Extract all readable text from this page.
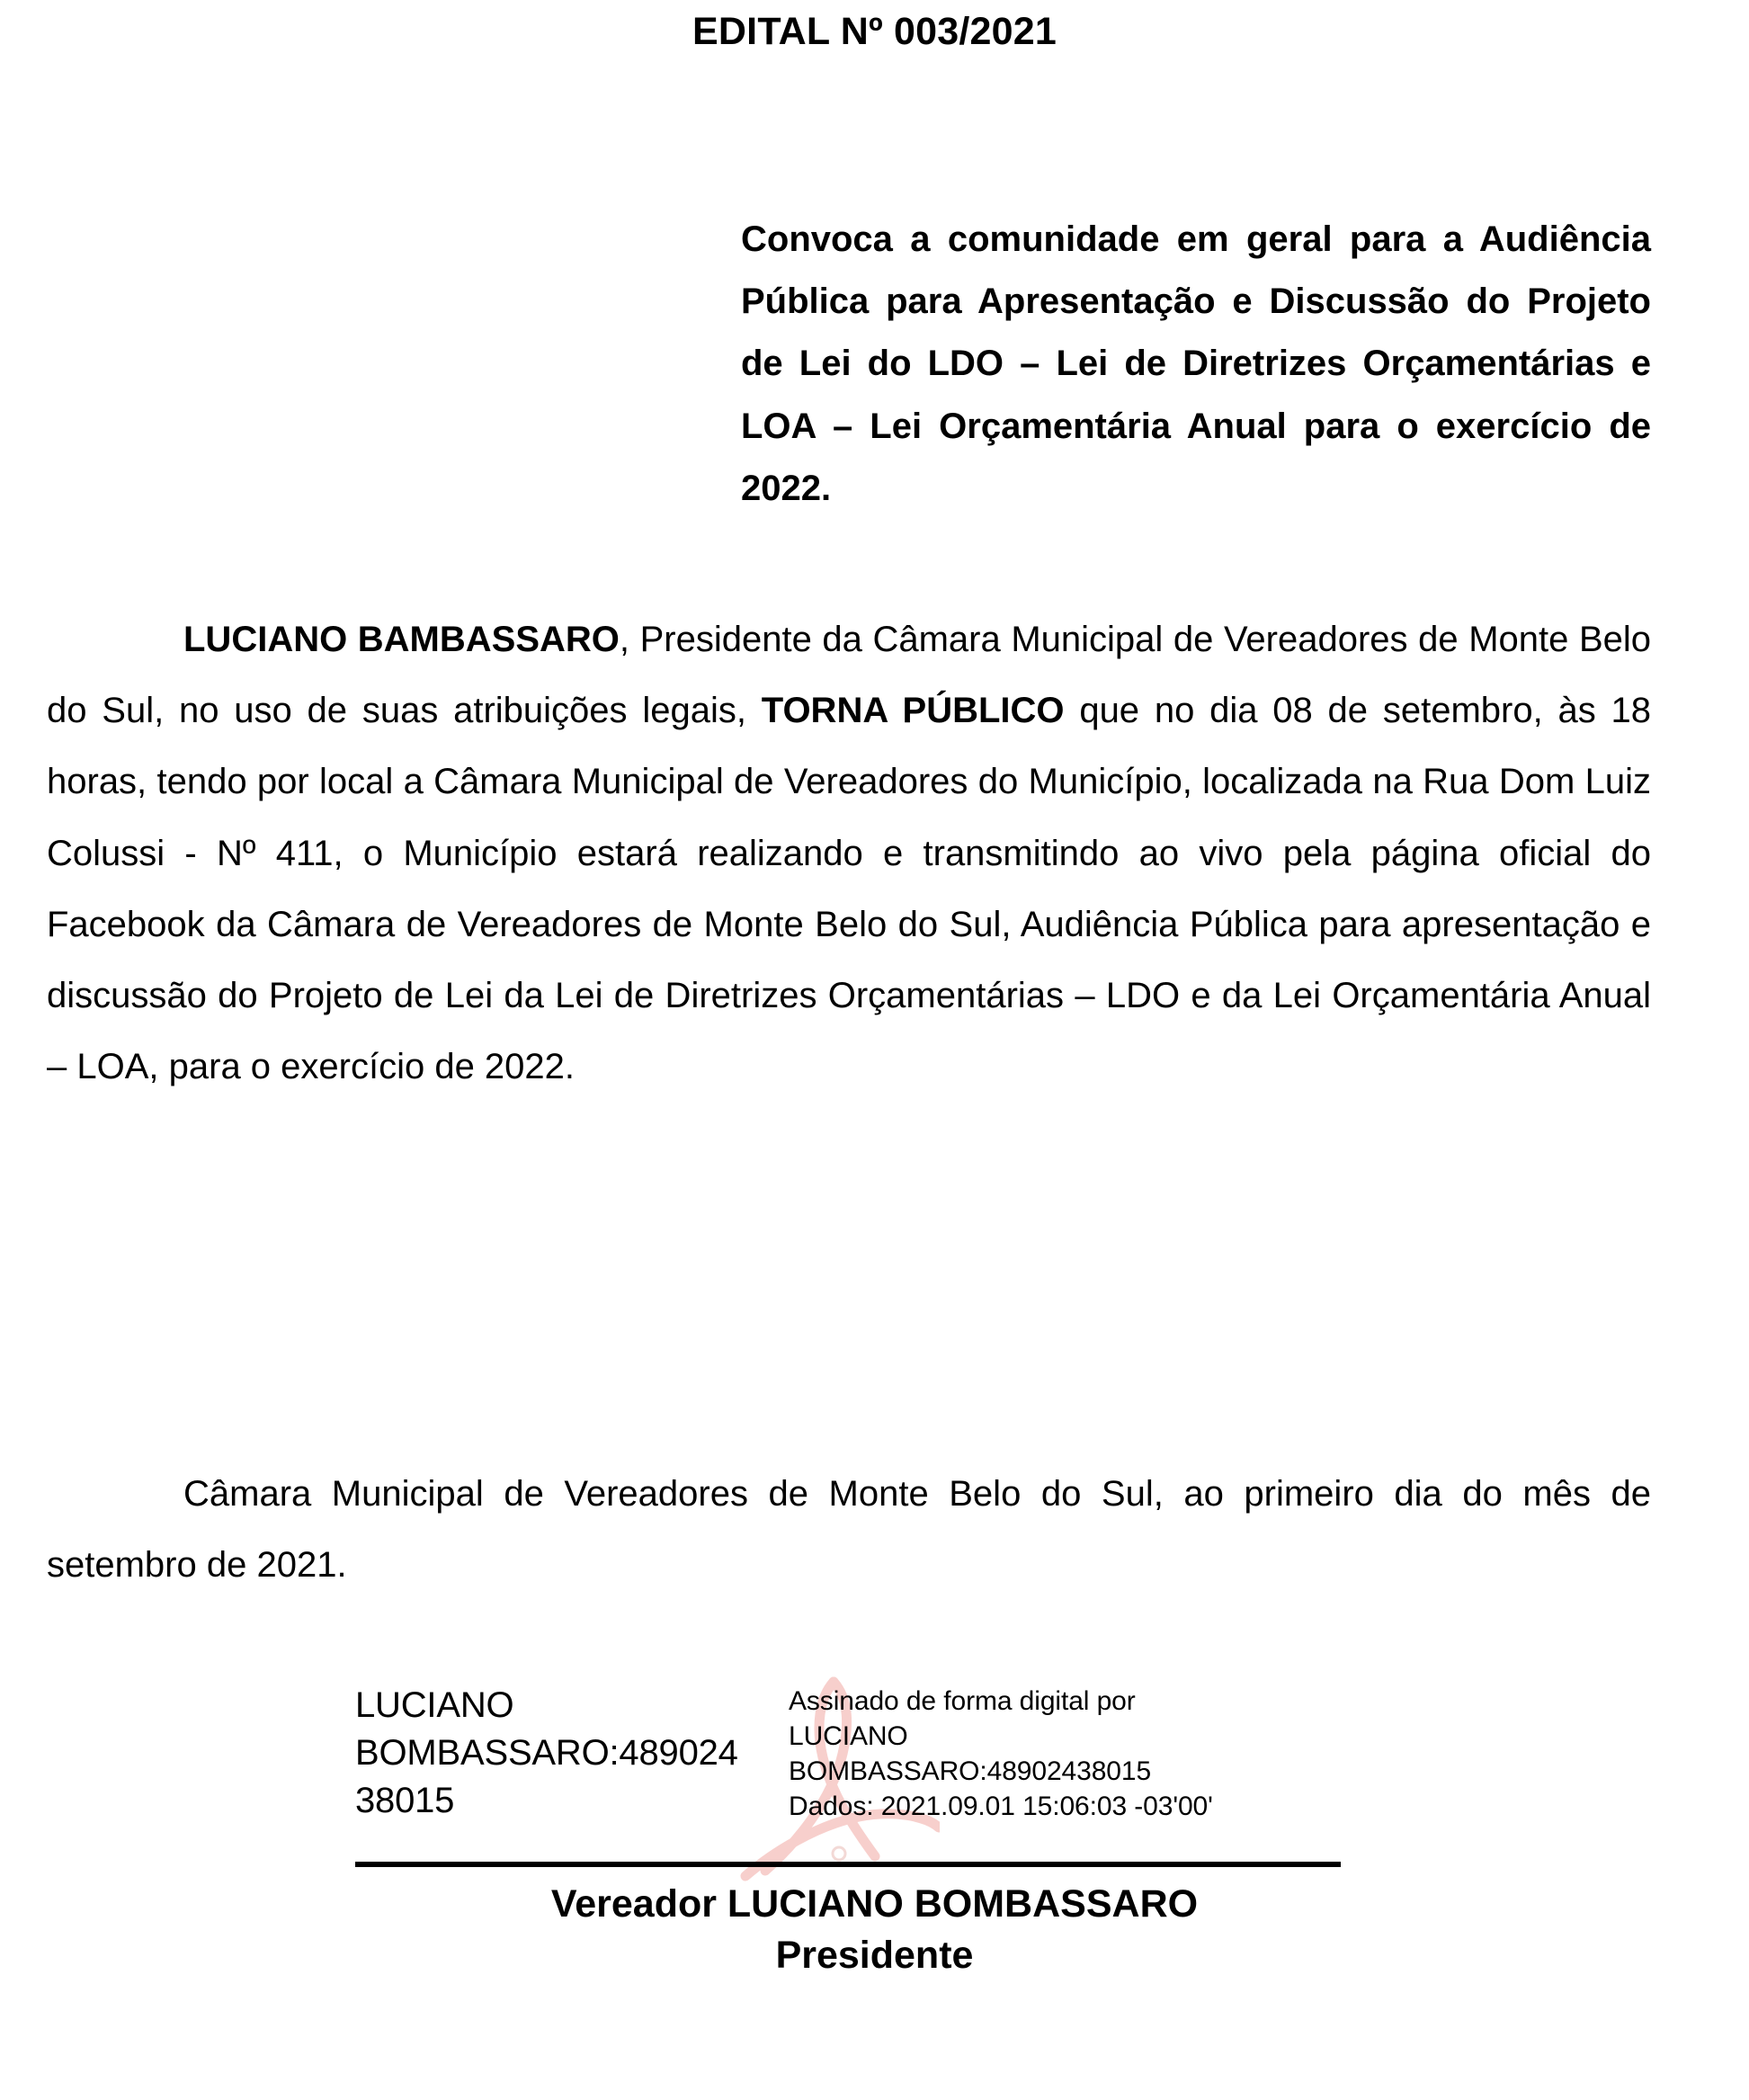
EDITAL Nº 003/2021
Convoca a comunidade em geral para a Audiência Pública para Apresentação e Discussão do Projeto de Lei do LDO – Lei de Diretrizes Orçamentárias e LOA – Lei Orçamentária Anual para o exercício de 2022.
LUCIANO BAMBASSARO, Presidente da Câmara Municipal de Vereadores de Monte Belo do Sul, no uso de suas atribuições legais, TORNA PÚBLICO que no dia 08 de setembro, às 18 horas, tendo por local a Câmara Municipal de Vereadores do Município, localizada na Rua Dom Luiz Colussi - Nº 411, o Município estará realizando e transmitindo ao vivo pela página oficial do Facebook da Câmara de Vereadores de Monte Belo do Sul, Audiência Pública para apresentação e discussão do Projeto de Lei da Lei de Diretrizes Orçamentárias – LDO e da Lei Orçamentária Anual – LOA, para o exercício de 2022.
Câmara Municipal de Vereadores de Monte Belo do Sul, ao primeiro dia do mês de setembro de 2021.
LUCIANO
BOMBASSARO:489024
38015
Assinado de forma digital por
LUCIANO
BOMBASSARO:48902438015
Dados: 2021.09.01 15:06:03 -03'00'
Vereador LUCIANO BOMBASSARO
Presidente
